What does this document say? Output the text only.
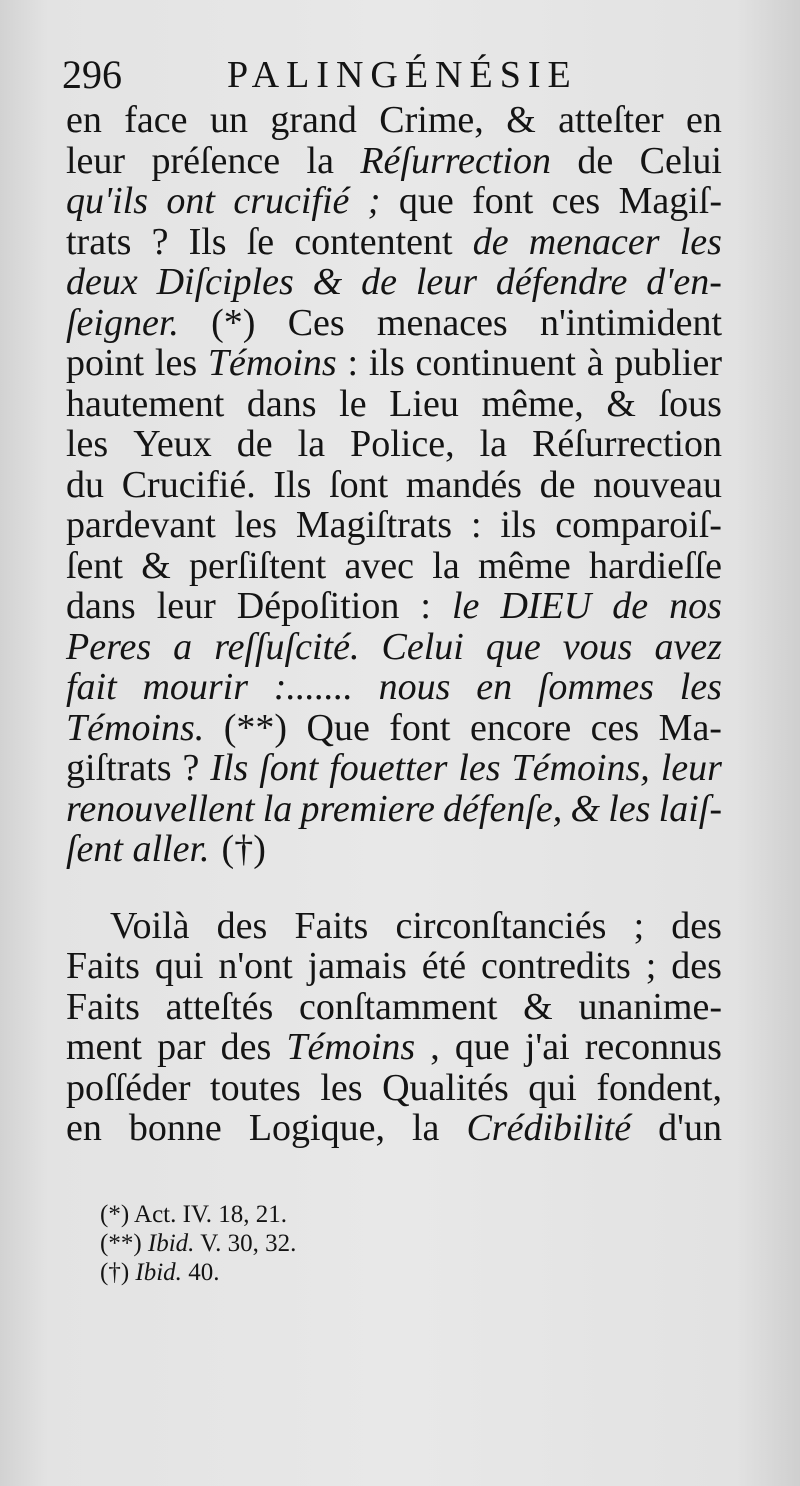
296	PALINGÉNÉSIE
en face un grand Crime, & atteſter en
leur préſence la Réſurrection de Celui
qu'ils ont crucifié ; que font ces Magiſ-
trats ? Ils ſe contentent de menacer les
deux Diſciples & de leur défendre d'en-
ſeigner. (*) Ces menaces n'intimident
point les Témoins : ils continuent à publier
hautement dans le Lieu même, & ſous
les Yeux de la Police, la Réſurrection
du Crucifié. Ils ſont mandés de nouveau
pardevant les Magiſtrats : ils comparoiſ-
ſent & perſiſtent avec la même hardieſſe
dans leur Dépoſition : le DIEU de nos
Peres a reſſuſcité. Celui que vous avez
fait mourir :....... nous en ſommes les
Témoins. (**) Que font encore ces Ma-
giſtrats ? Ils ſont fouetter les Témoins, leur
renouvellent la premiere défenſe, & les laiſ-
ſent aller. (†)
Voilà des Faits circonſtanciés ; des
Faits qui n'ont jamais été contredits ; des
Faits atteſtés conſtamment & unanime-
ment par des Témoins , que j'ai reconnus
poſſéder toutes les Qualités qui fondent,
en bonne Logique, la Crédibilité d'un
(*) Act. IV. 18, 21.
(**) Ibid. V. 30, 32.
(†) Ibid. 40.
